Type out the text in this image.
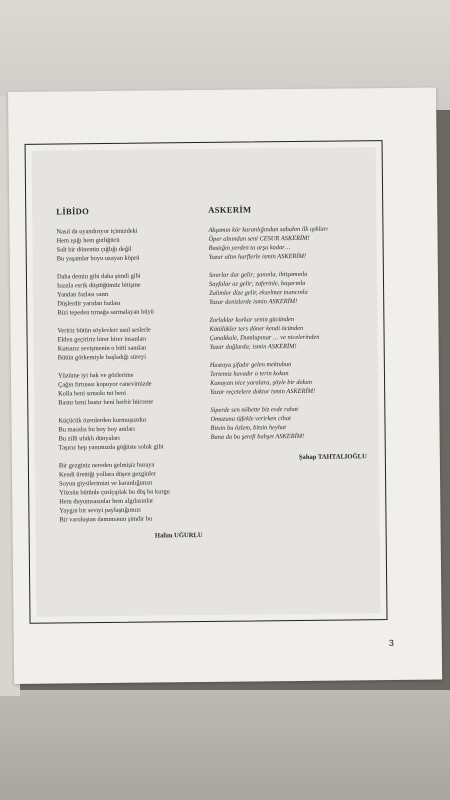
LİBİDO
Nasıl da uyandırıyor içimizdeki
Hem ışığı hem gizliğücü
Salt bir dönemin çığlığı değil
Bu yaşamlar boyu uzayan köprü
Daha demin gibi daha şimdi gibi
Issızla esrik düştüğümüz bitişme
Yandan fazlası sanrı
Düşlerdir yarıdan fazlası
Bizi tepeden tırnağa sarmalayan büyü
Veririz bütün söylevleri usul seslerle
Elden geçiririz birer birer insanları
Kutsarız sevişmenin o bitti sanılan
Bütün görkemiyle başladığı süreyi
Yüzüme iyi bak ve gözlerime
Çağın fırtınası kopuyor canevimizde
Kolla beni sımsıkı tut beni
Bastır beni bastır beni herbir hücrene
Küçücük özenlerden kurmuşuzdur
Bu masalsı bu boy boy anıları
Bu zilli ufaklı dünyaları
Taşırız hep yanımızda göğüste soluk gibi
Bir gezginiz nereden gelmişiz buraya
Kendi ürettiği yollara düşen gezginler
Soyun giysilerimizi ve karanlığımızı
Yüzsün bütünle çırılçıplak bu düş bu kurgu
Hem duyumsasınlar hem algılasınlar
Yaygın bir seviyi paylaştığımızı
Bir varoluştan damımanın şimdir bu
Halim UĞURLU
ASKERİM
Akşamın kör karanlığından sabahın ilk ışıkları
Öper alnından seni CESUR ASKERİM!
Bastığın yerden ta arşa kadar…
Yazar altın harflerle ismin ASKERİM!
Sınırlar dar gelir; şanınla, ihtişamınla
Sayfalar az gelir; zaferinle, başarınla
Zalimler dize gelir, ekselmez inancınla
Yazar denizlerde ismin ASKERİM!
Zorluklar korkar senin gücünden
Kötülükler ters döner kendi öcünden
Çanakkale, Dumlupınar … ve nicelerinden
Yazar dağlarda; ismin ASKERİM!
Hastaya şifadır gelen mektubun
Tertemiz havadır o terin kokan
Kanayan nice yaralara, şöyle bir dokun
Yazar reçetelere doktor ismin ASKERİM!
Siperde sen nöbette biz evde rahat
Omuzuna tüfekle verirken cihat
Bitsin bu özlem, bitsin heyhat
Bana da bu şerefi bahşet ASKERİM!
Şahap TAHTALIOĞLU
3
